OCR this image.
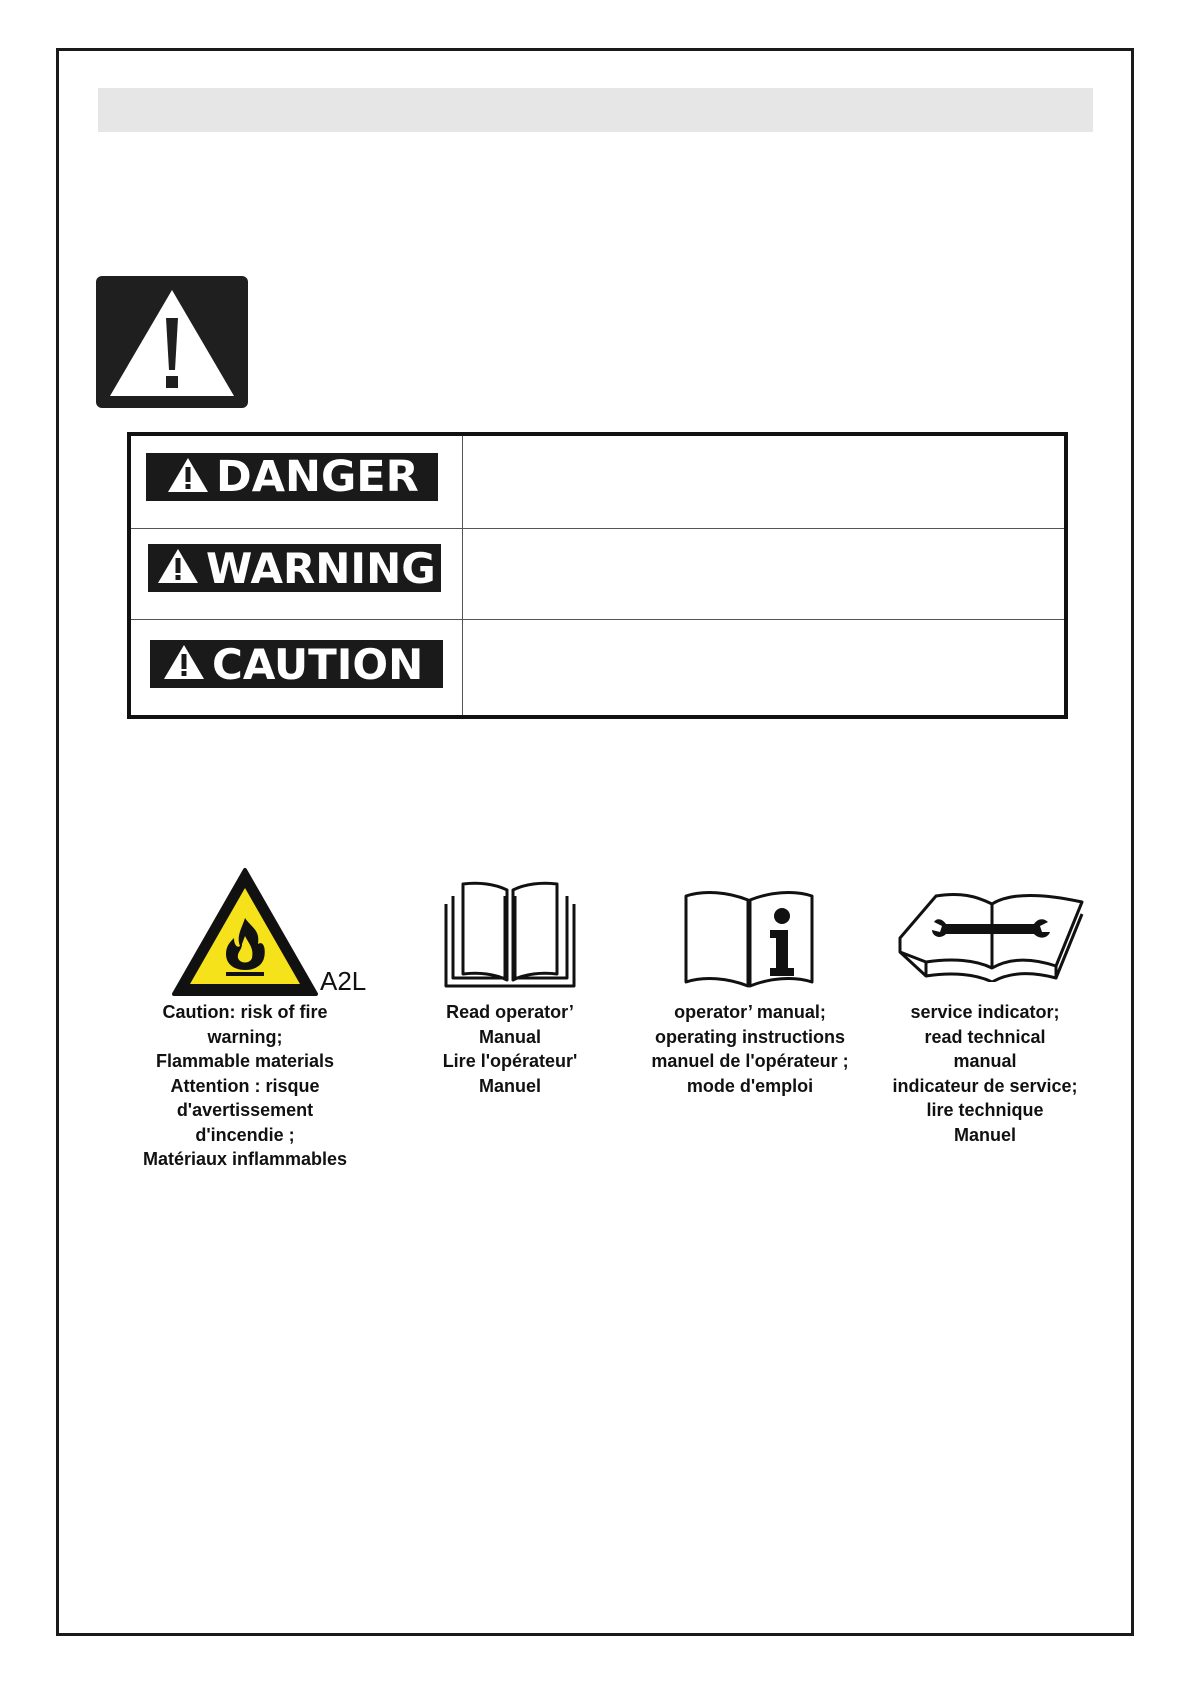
DANGER
WARNING
CAUTION
A2L
Caution: risk of fire
warning;
Flammable materials
Attention : risque
d'avertissement
d'incendie ;
Matériaux inflammables
Read operator’
Manual
Lire l'opérateur'
Manuel
operator’ manual;
operating instructions
manuel de l'opérateur ;
mode d'emploi
service indicator;
read technical
manual
indicateur de service;
lire technique
Manuel
